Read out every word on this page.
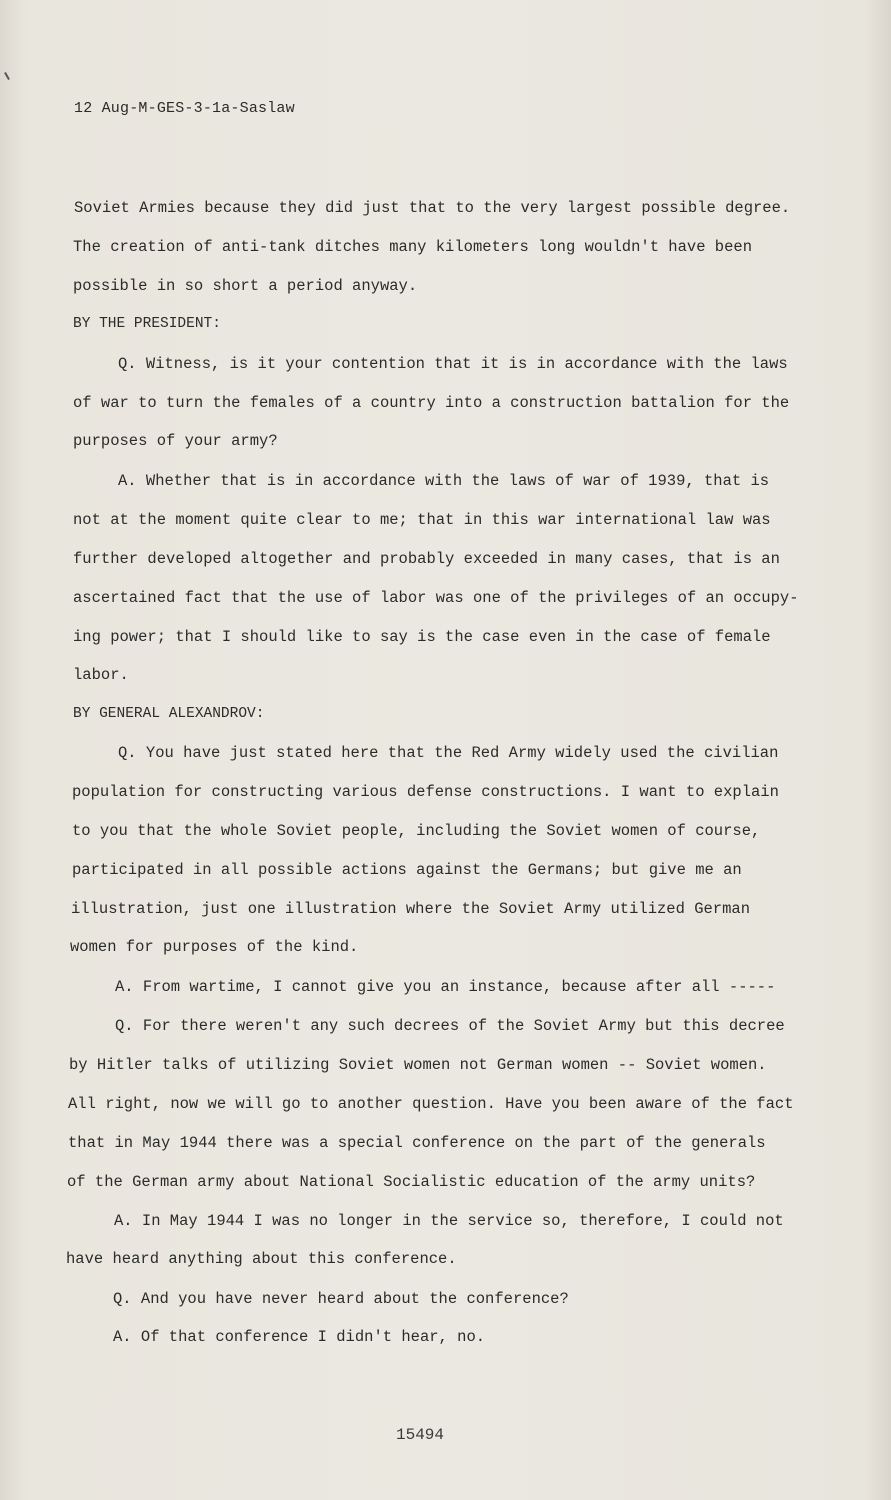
12 Aug-M-GES-3-1a-Saslaw
Soviet Armies because they did just that to the very largest possible degree.
The creation of anti-tank ditches many kilometers long wouldn't have been
possible in so short a period anyway.
BY THE PRESIDENT:
Q. Witness, is it your contention that it is in accordance with the laws
of war to turn the females of a country into a construction battalion for the
purposes of your army?
A. Whether that is in accordance with the laws of war of 1939, that is
not at the moment quite clear to me; that in this war international law was
further developed altogether and probably exceeded in many cases, that is an
ascertained fact that the use of labor was one of the privileges of an occupy-
ing power; that I should like to say is the case even in the case of female
labor.
BY GENERAL ALEXANDROV:
Q. You have just stated here that the Red Army widely used the civilian
population for constructing various defense constructions. I want to explain
to you that the whole Soviet people, including the Soviet women of course,
participated in all possible actions against the Germans; but give me an
illustration, just one illustration where the Soviet Army utilized German
women for purposes of the kind.
A. From wartime, I cannot give you an instance, because after all -----
Q. For there weren't any such decrees of the Soviet Army but this decree
by Hitler talks of utilizing Soviet women not German women -- Soviet women.
All right, now we will go to another question. Have you been aware of the fact
that in May 1944 there was a special conference on the part of the generals
of the German army about National Socialistic education of the army units?
A. In May 1944 I was no longer in the service so, therefore, I could not
have heard anything about this conference.
Q. And you have never heard about the conference?
A. Of that conference I didn't hear, no.
15494
